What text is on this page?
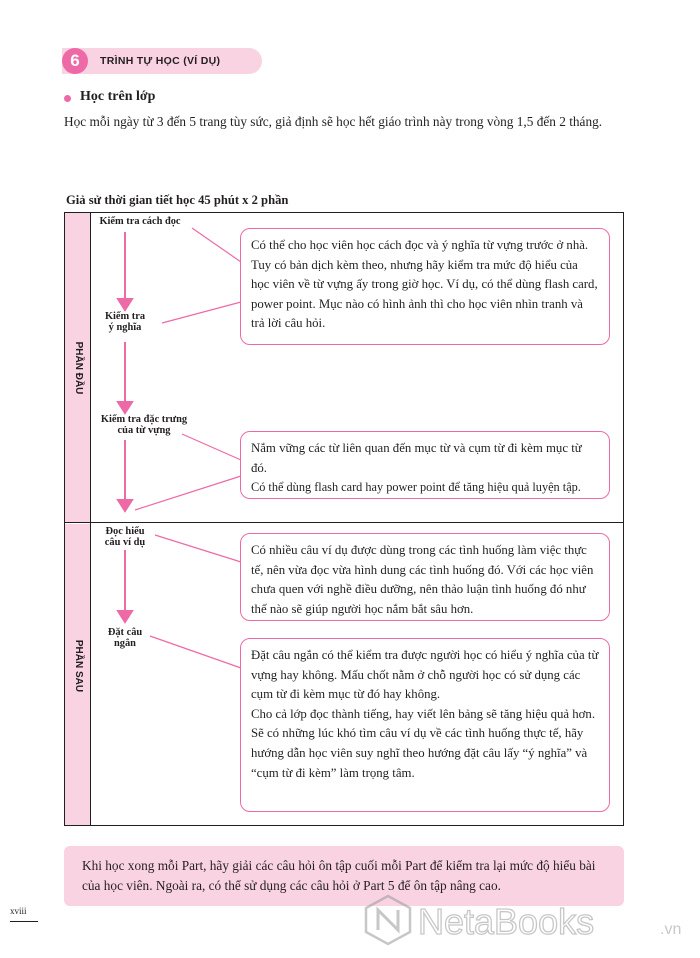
6	TRÌNH TỰ HỌC (VÍ DỤ)
Học trên lớp
Học mỗi ngày từ 3 đến 5 trang tùy sức, giả định sẽ học hết giáo trình này trong vòng 1,5 đến 2 tháng.
Giả sử thời gian tiết học 45 phút x 2 phần
PHẦN ĐẦU
PHẦN SAU
Kiểm tra cách đọc
Kiểm tra
ý nghĩa
Kiểm tra đặc trưng
của từ vựng
Đọc hiểu
câu ví dụ
Đặt câu
ngắn

Có thể cho học viên học cách đọc và ý nghĩa từ vựng trước ở nhà. Tuy có bản dịch kèm theo, nhưng hãy kiểm tra mức độ hiểu của học viên về từ vựng ấy trong giờ học. Ví dụ, có thể dùng flash card, power point. Mục nào có hình ảnh thì cho học viên nhìn tranh và trả lời câu hỏi.

Nắm vững các từ liên quan đến mục từ và cụm từ đi kèm mục từ đó.

Có thể dùng flash card hay power point để tăng hiệu quả luyện tập.

Có nhiều câu ví dụ được dùng trong các tình huống làm việc thực tế, nên vừa đọc vừa hình dung các tình huống đó. Với các học viên chưa quen với nghề điều dưỡng, nên thảo luận tình huống đó như thế nào sẽ giúp người học nắm bắt sâu hơn.

Đặt câu ngắn có thể kiểm tra được người học có hiểu ý nghĩa của từ vựng hay không. Mấu chốt nằm ở chỗ người học có sử dụng các cụm từ đi kèm mục từ đó hay không.

Cho cả lớp đọc thành tiếng, hay viết lên bảng sẽ tăng hiệu quả hơn.

Sẽ có những lúc khó tìm câu ví dụ về các tình huống thực tế, hãy hướng dẫn học viên suy nghĩ theo hướng đặt câu lấy “ý nghĩa” và “cụm từ đi kèm” làm trọng tâm.

Khi học xong mỗi Part, hãy giải các câu hỏi ôn tập cuối mỗi Part để kiểm tra lại mức độ hiểu bài của học viên. Ngoài ra, có thể sử dụng các câu hỏi ở Part 5 để ôn tập nâng cao.
xviii	NetaBooks	.vn
